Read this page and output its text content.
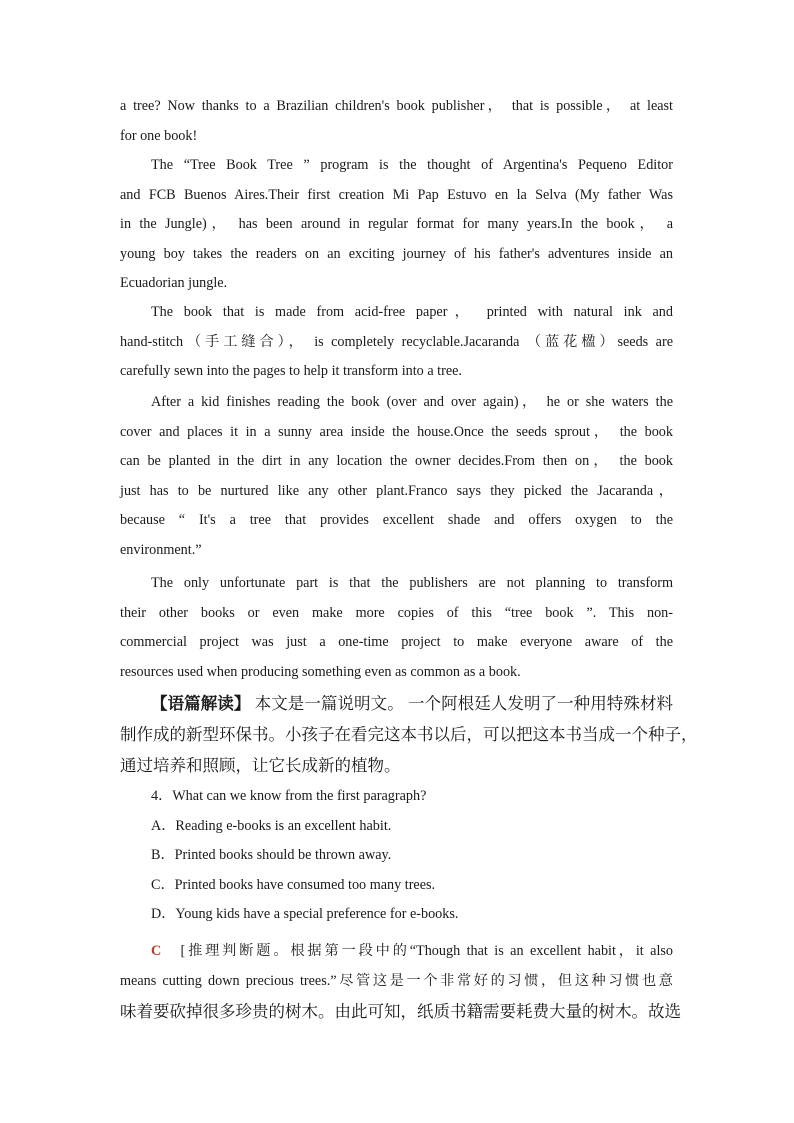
a tree? Now thanks to a Brazilian children's book publisher， that is possible， at least
for one book!
The “Tree Book Tree ” program is the thought of Argentina's Pequeno Editor
and FCB Buenos Aires.Their first creation Mi Pap Estuvo en la Selva (My father Was
in the Jungle)， has been around in regular format for many years.In the book， a
young boy takes the readers on an exciting journey of his father's adventures inside an
Ecuadorian jungle.
The book that is made from acid‐free paper， printed with natural ink and
hand-stitch（手工缝合）， is completely recyclable.Jacaranda （蓝花楹）seeds are
carefully sewn into the pages to help it transform into a tree.
After a kid finishes reading the book (over and over again)， he or she waters the
cover and places it in a sunny area inside the house.Once the seeds sprout， the book
can be planted in the dirt in any location the owner decides.From then on， the book
just has to be nurtured like any other plant.Franco says they picked the Jacaranda，
because “ It's a tree that provides excellent shade and offers oxygen to the
environment.”
The only unfortunate part is that the publishers are not planning to transform
their other books or even make more copies of this “tree book ”. This non‐
commercial project was just a one‐time project to make everyone aware of the
resources used when producing something even as common as a book.
【语篇解读】 本文是一篇说明文。 一个阿根廷人发明了一种用特殊材料
制作成的新型环保书。小孩子在看完这本书以后，可以把这本书当成一个种子，
通过培养和照顾，让它长成新的植物。
4．What can we know from the first paragraph?
A．Reading e‐books is an excellent habit.
B．Printed books should be thrown away.
C．Printed books have consumed too many trees.
D．Young kids have a special preference for e‐books.
C [推理判断题。根据第一段中的“Though that is an excellent habit，it also
means cutting down precious trees.”尽管这是一个非常好的习惯，但这种习惯也意
味着要砍掉很多珍贵的树木。由此可知，纸质书籍需要耗费大量的树木。故选
